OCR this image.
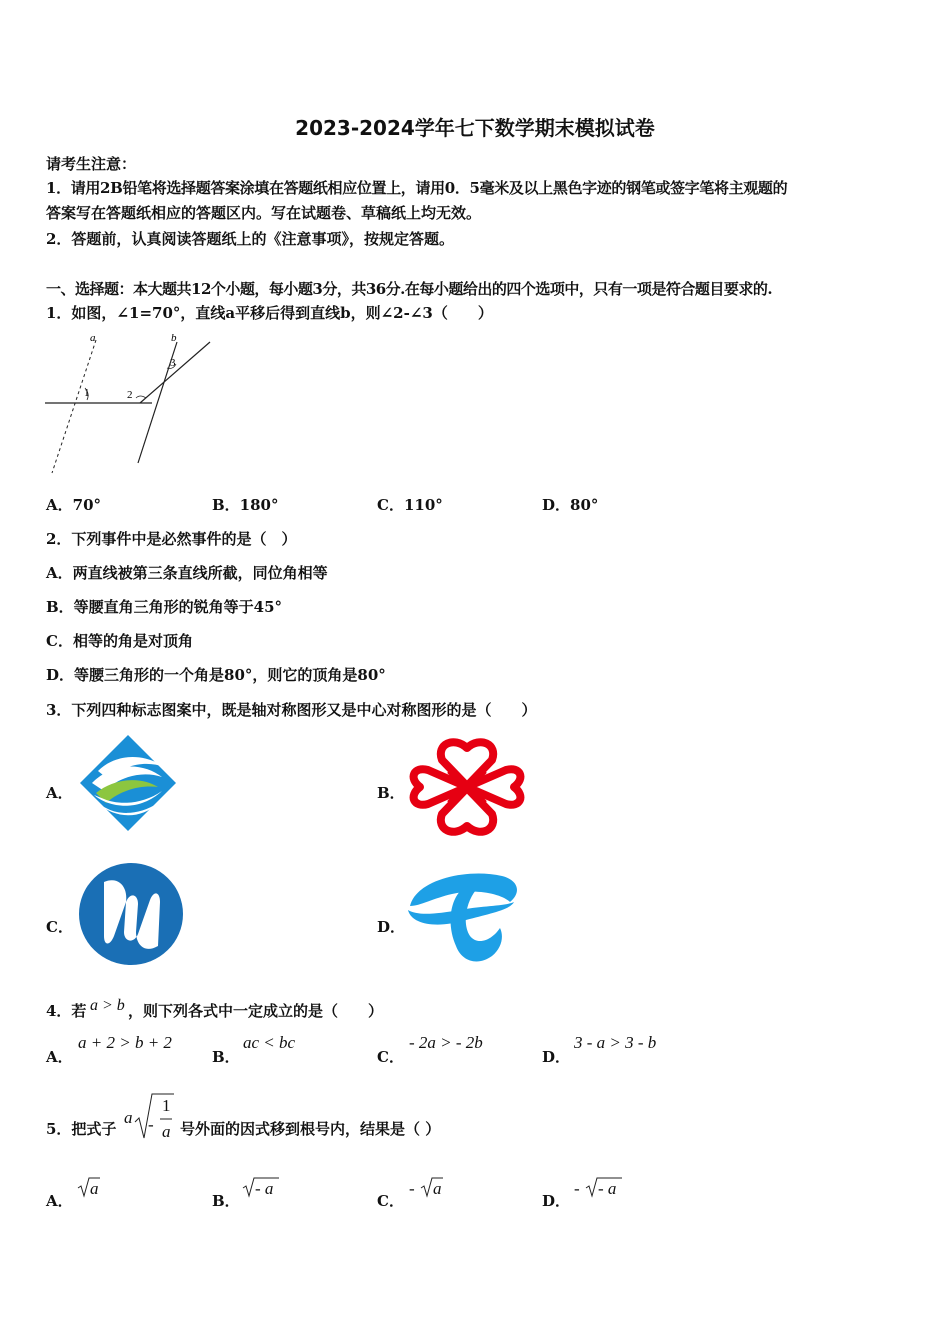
2023-2024学年七下数学期末模拟试卷
请考生注意：
1．请用2B铅笔将选择题答案涂填在答题纸相应位置上，请用0．5毫米及以上黑色字迹的钢笔或签字笔将主观题的
答案写在答题纸相应的答题区内。写在试题卷、草稿纸上均无效。
2．答题前，认真阅读答题纸上的《注意事项》，按规定答题。
一、选择题：本大题共12个小题，每小题3分，共36分.在每小题给出的四个选项中，只有一项是符合题目要求的.
1．如图，∠1=70°，直线a平移后得到直线b，则∠2-∠3（　　）
a	b
1	2
3
A．70°	B．180°	C．110°	D．80°
2．下列事件中是必然事件的是（　）
A．两直线被第三条直线所截，同位角相等
B．等腰直角三角形的锐角等于45°
C．相等的角是对顶角
D．等腰三角形的一个角是80°，则它的顶角是80°
3．下列四种标志图案中，既是轴对称图形又是中心对称图形的是（　　）
A．	B．
C．	D．
4．若 a > b ，则下列各式中一定成立的是（　　）
A．
a + 2 > b + 2
B．
ac < bc
C．
- 2a > - 2b
D．
3 - a > 3 - b
5．把式子
a -
1
a 号外面的因式移到根号内，结果是（ ）
A．
a
B．
- a
C．
- a
D．
- - a
